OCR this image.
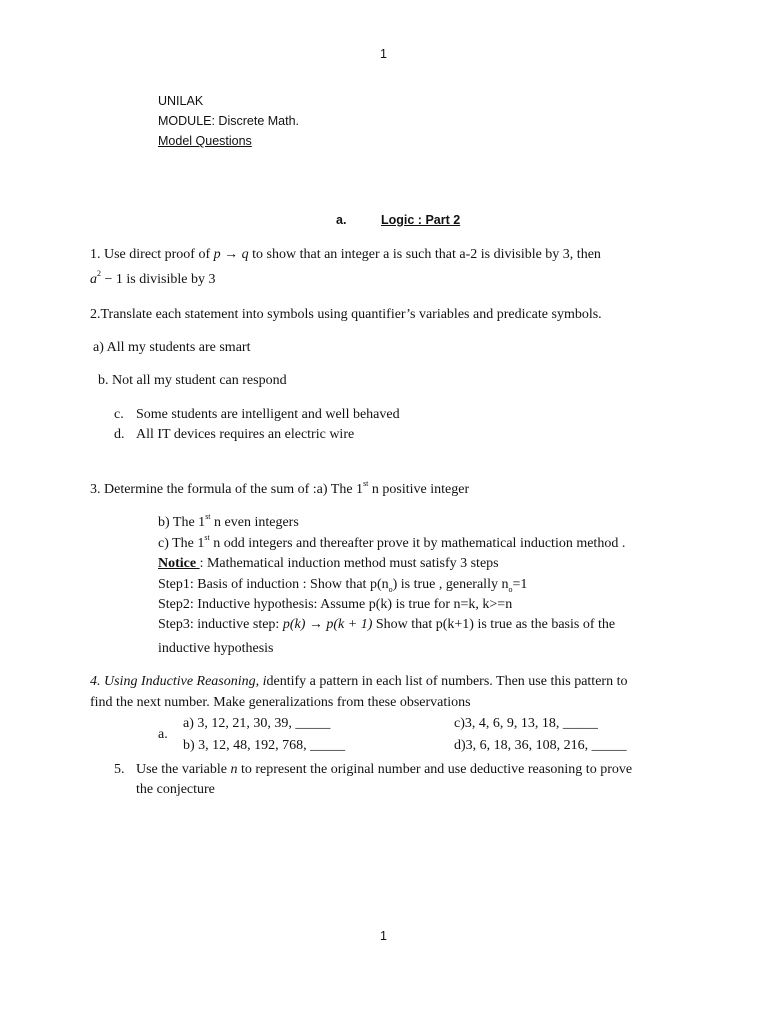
1
UNILAK
MODULE: Discrete Math.
Model Questions
a.	Logic : Part 2
1. Use direct proof of p → q to show that an integer a is such that a-2 is divisible by 3, then
$a^2 - 1$ is divisible by 3
2.Translate each statement into symbols using quantifier’s variables and predicate symbols.
a) All my students are smart
b. Not all my student can respond
c. Some students are intelligent and well behaved
d. All IT devices requires an electric wire
3. Determine the formula of the sum of :a) The 1st n positive integer
b) The 1st n even integers
c) The 1st n odd integers and thereafter prove it by mathematical induction method .
Notice : Mathematical induction method must satisfy 3 steps
Step1: Basis of induction : Show that $p(n_o)$ is true , generally $n_o=1$
Step2: Inductive hypothesis: Assume p(k) is true for n=k, k>=n
Step3: inductive step: p(k) → p(k + 1) Show that p(k+1) is true as the basis of the
inductive hypothesis
4. Using Inductive Reasoning, identify a pattern in each list of numbers. Then use this pattern to
find the next number. Make generalizations from these observations
a.
a) 3, 12, 21, 30, 39, _____
b) 3, 12, 48, 192, 768, _____
c)3, 4, 6, 9, 13, 18, _____
d)3, 6, 18, 36, 108, 216, _____
5. Use the variable n to represent the original number and use deductive reasoning to prove
the conjecture
1
